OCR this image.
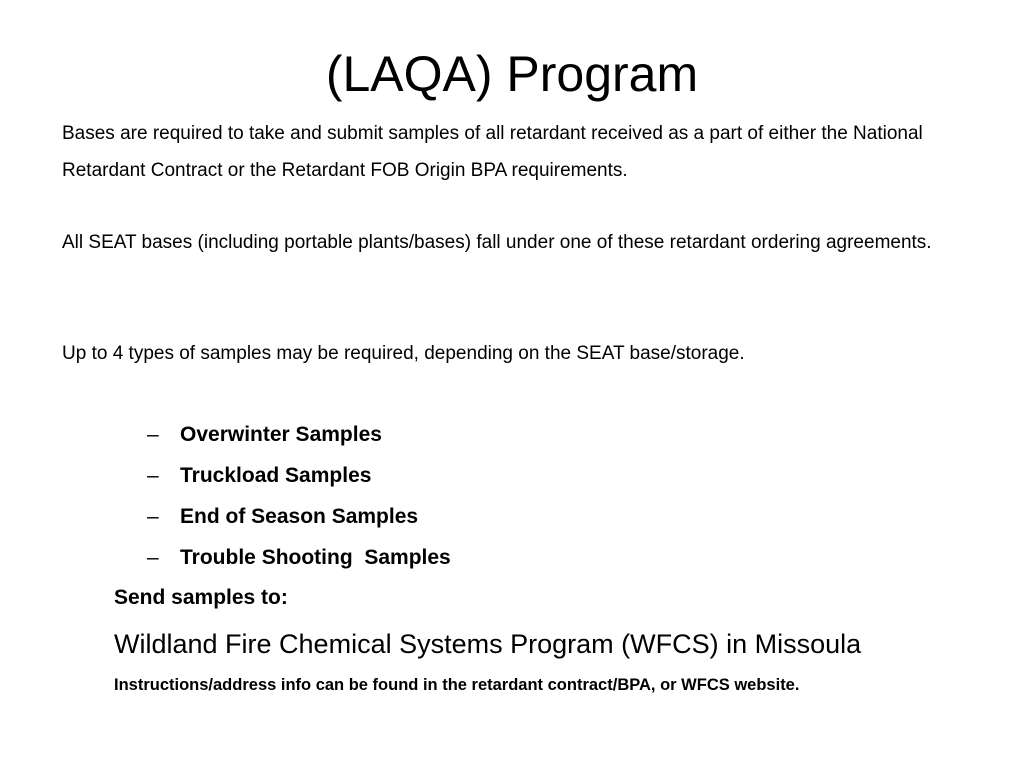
(LAQA) Program
Bases are required to take and submit samples of all retardant received as a part of either the National Retardant Contract or the Retardant FOB Origin BPA requirements.
All SEAT bases (including portable plants/bases) fall under one of these retardant ordering agreements.
Up to 4 types of samples may be required, depending on the SEAT base/storage.

– Overwinter Samples

– Truckload Samples

– End of Season Samples

– Trouble Shooting  Samples

Send samples to:
Wildland Fire Chemical Systems Program (WFCS) in Missoula
Instructions/address info can be found in the retardant contract/BPA, or WFCS website.
